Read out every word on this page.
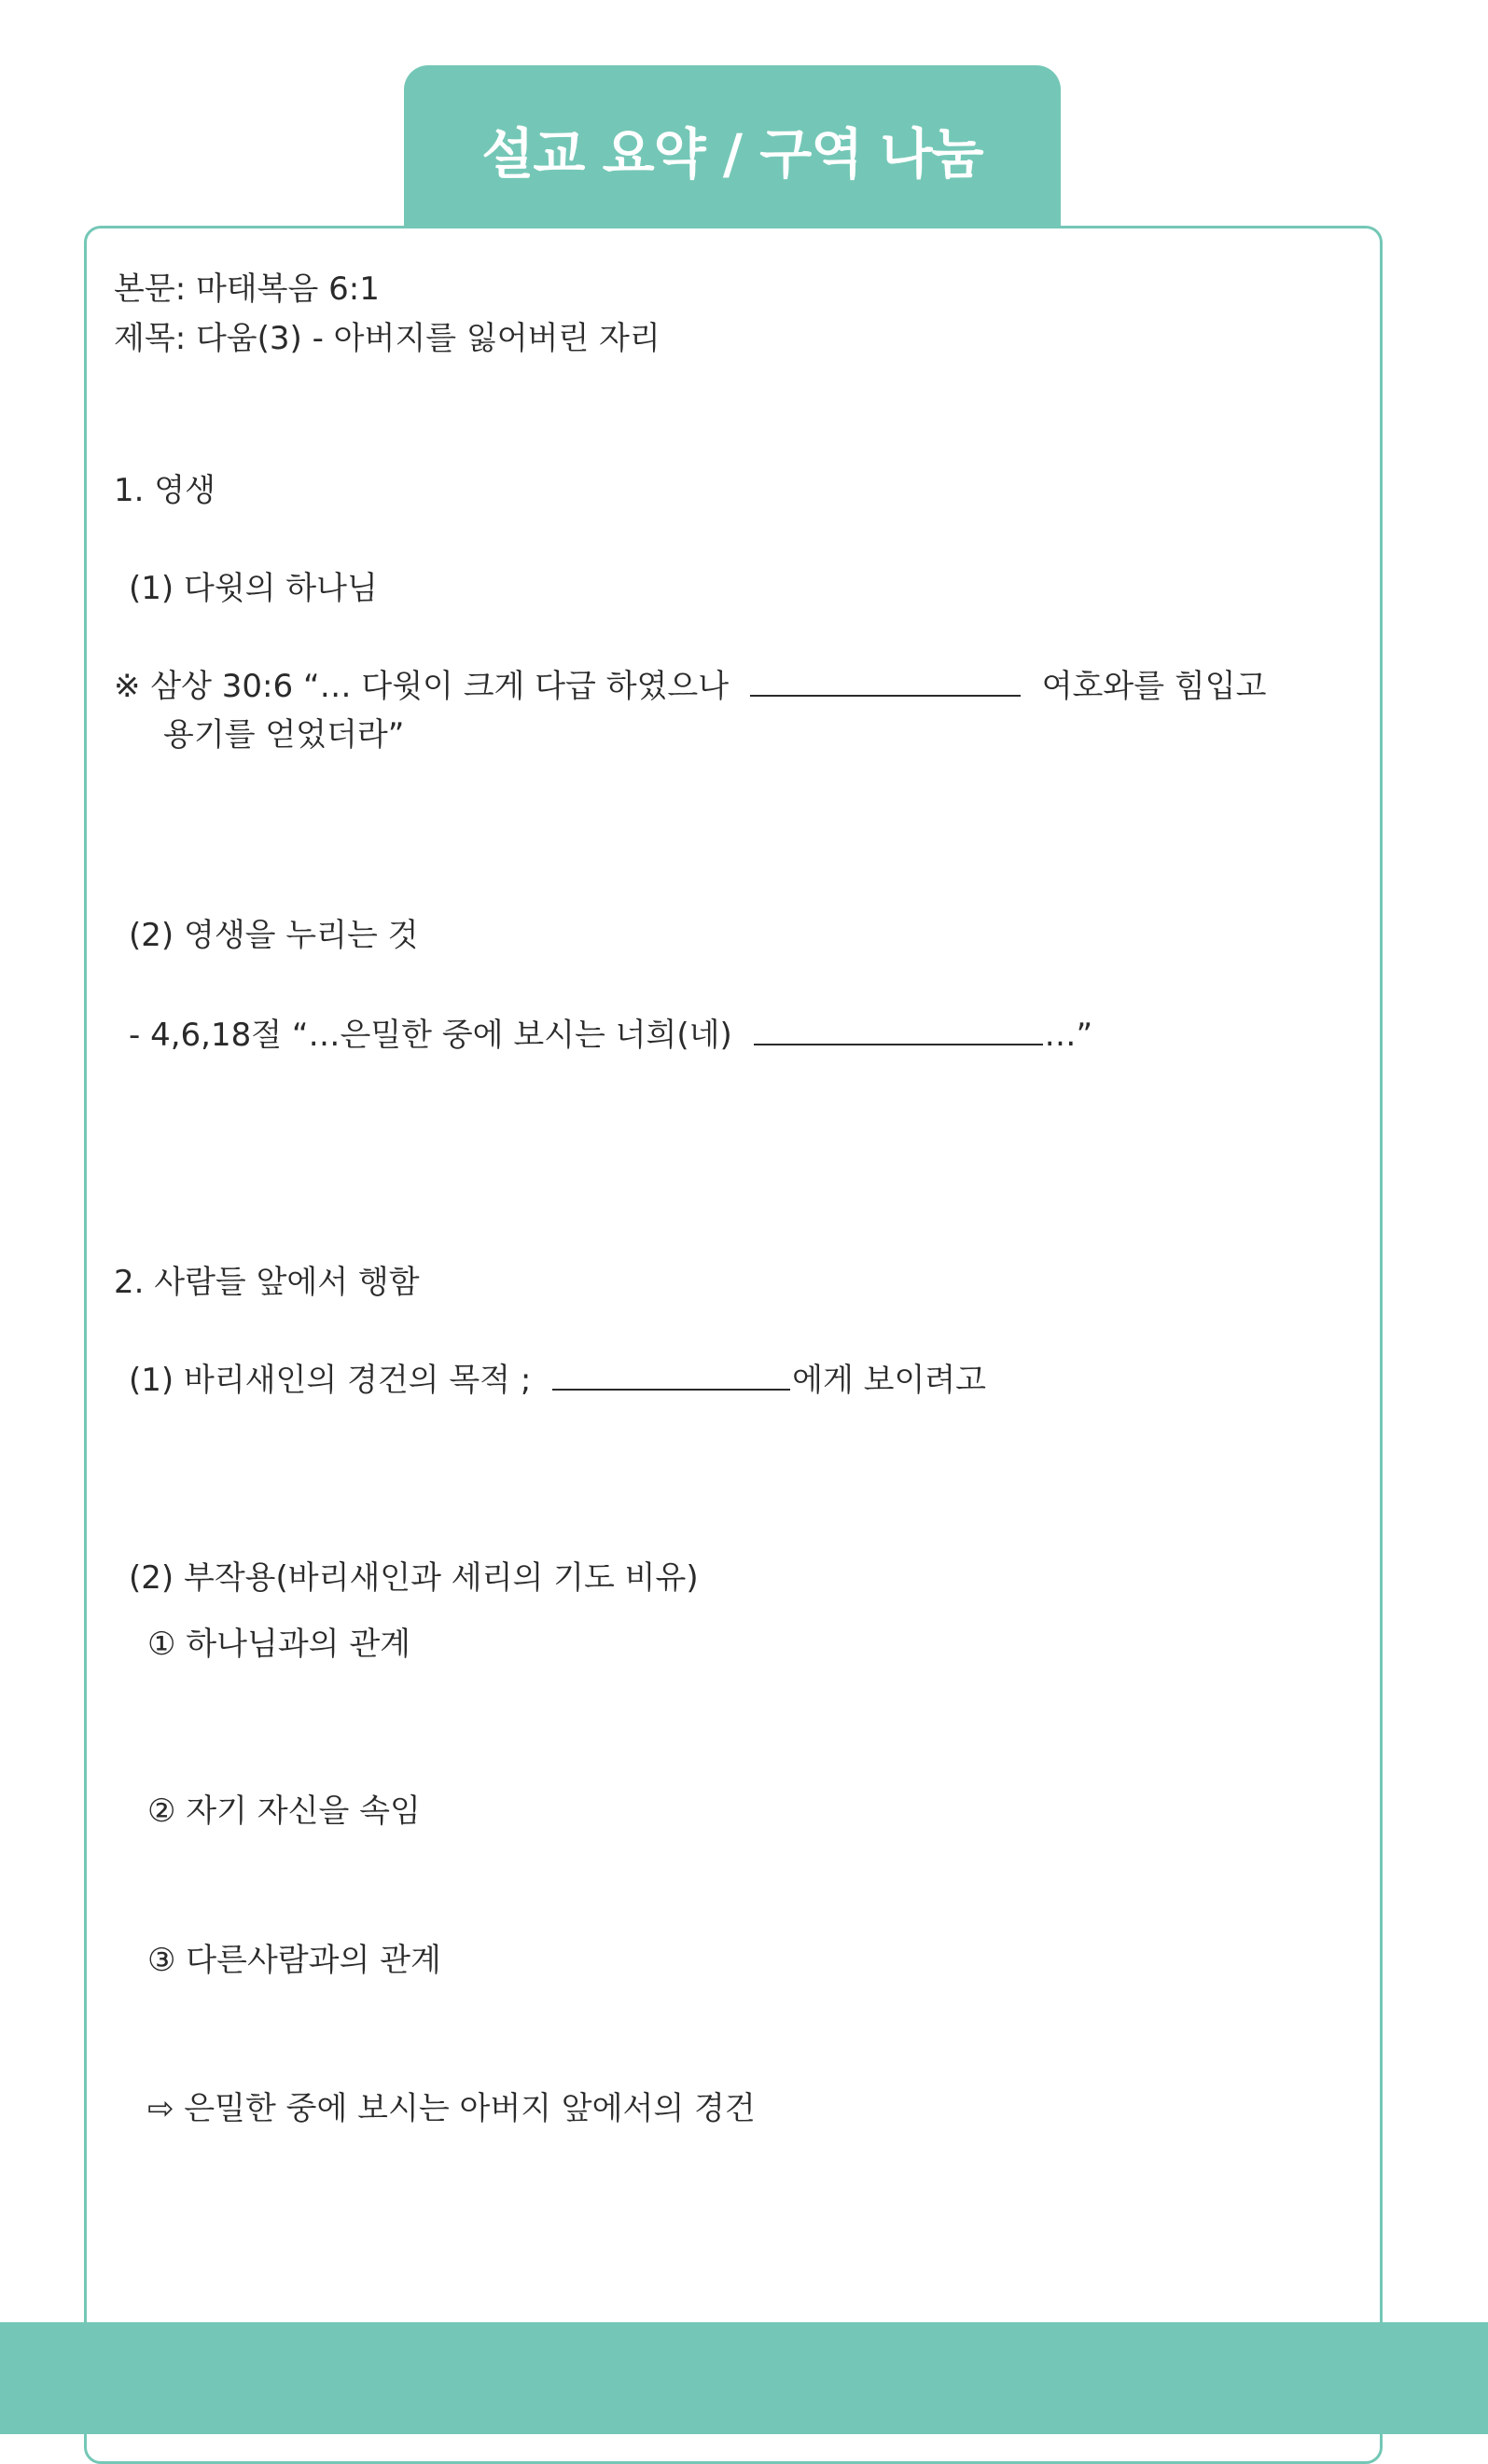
설교 요약 / 구역 나눔
본문: 마태복음 6:1
제목: 다움(3) - 아버지를 잃어버린 자리
1. 영생
(1) 다윗의 하나님
※ 삼상 30:6 “… 다윗이 크게 다급 하였으나	여호와를 힘입고
용기를 얻었더라”
(2) 영생을 누리는 것
- 4,6,18절 “…은밀한 중에 보시는 너희(네)	…”
2. 사람들 앞에서 행함
(1) 바리새인의 경건의 목적 ;	에게 보이려고
(2) 부작용(바리새인과 세리의 기도 비유)
① 하나님과의 관계
② 자기 자신을 속임
③ 다른사람과의 관계
⇨ 은밀한 중에 보시는 아버지 앞에서의 경건
